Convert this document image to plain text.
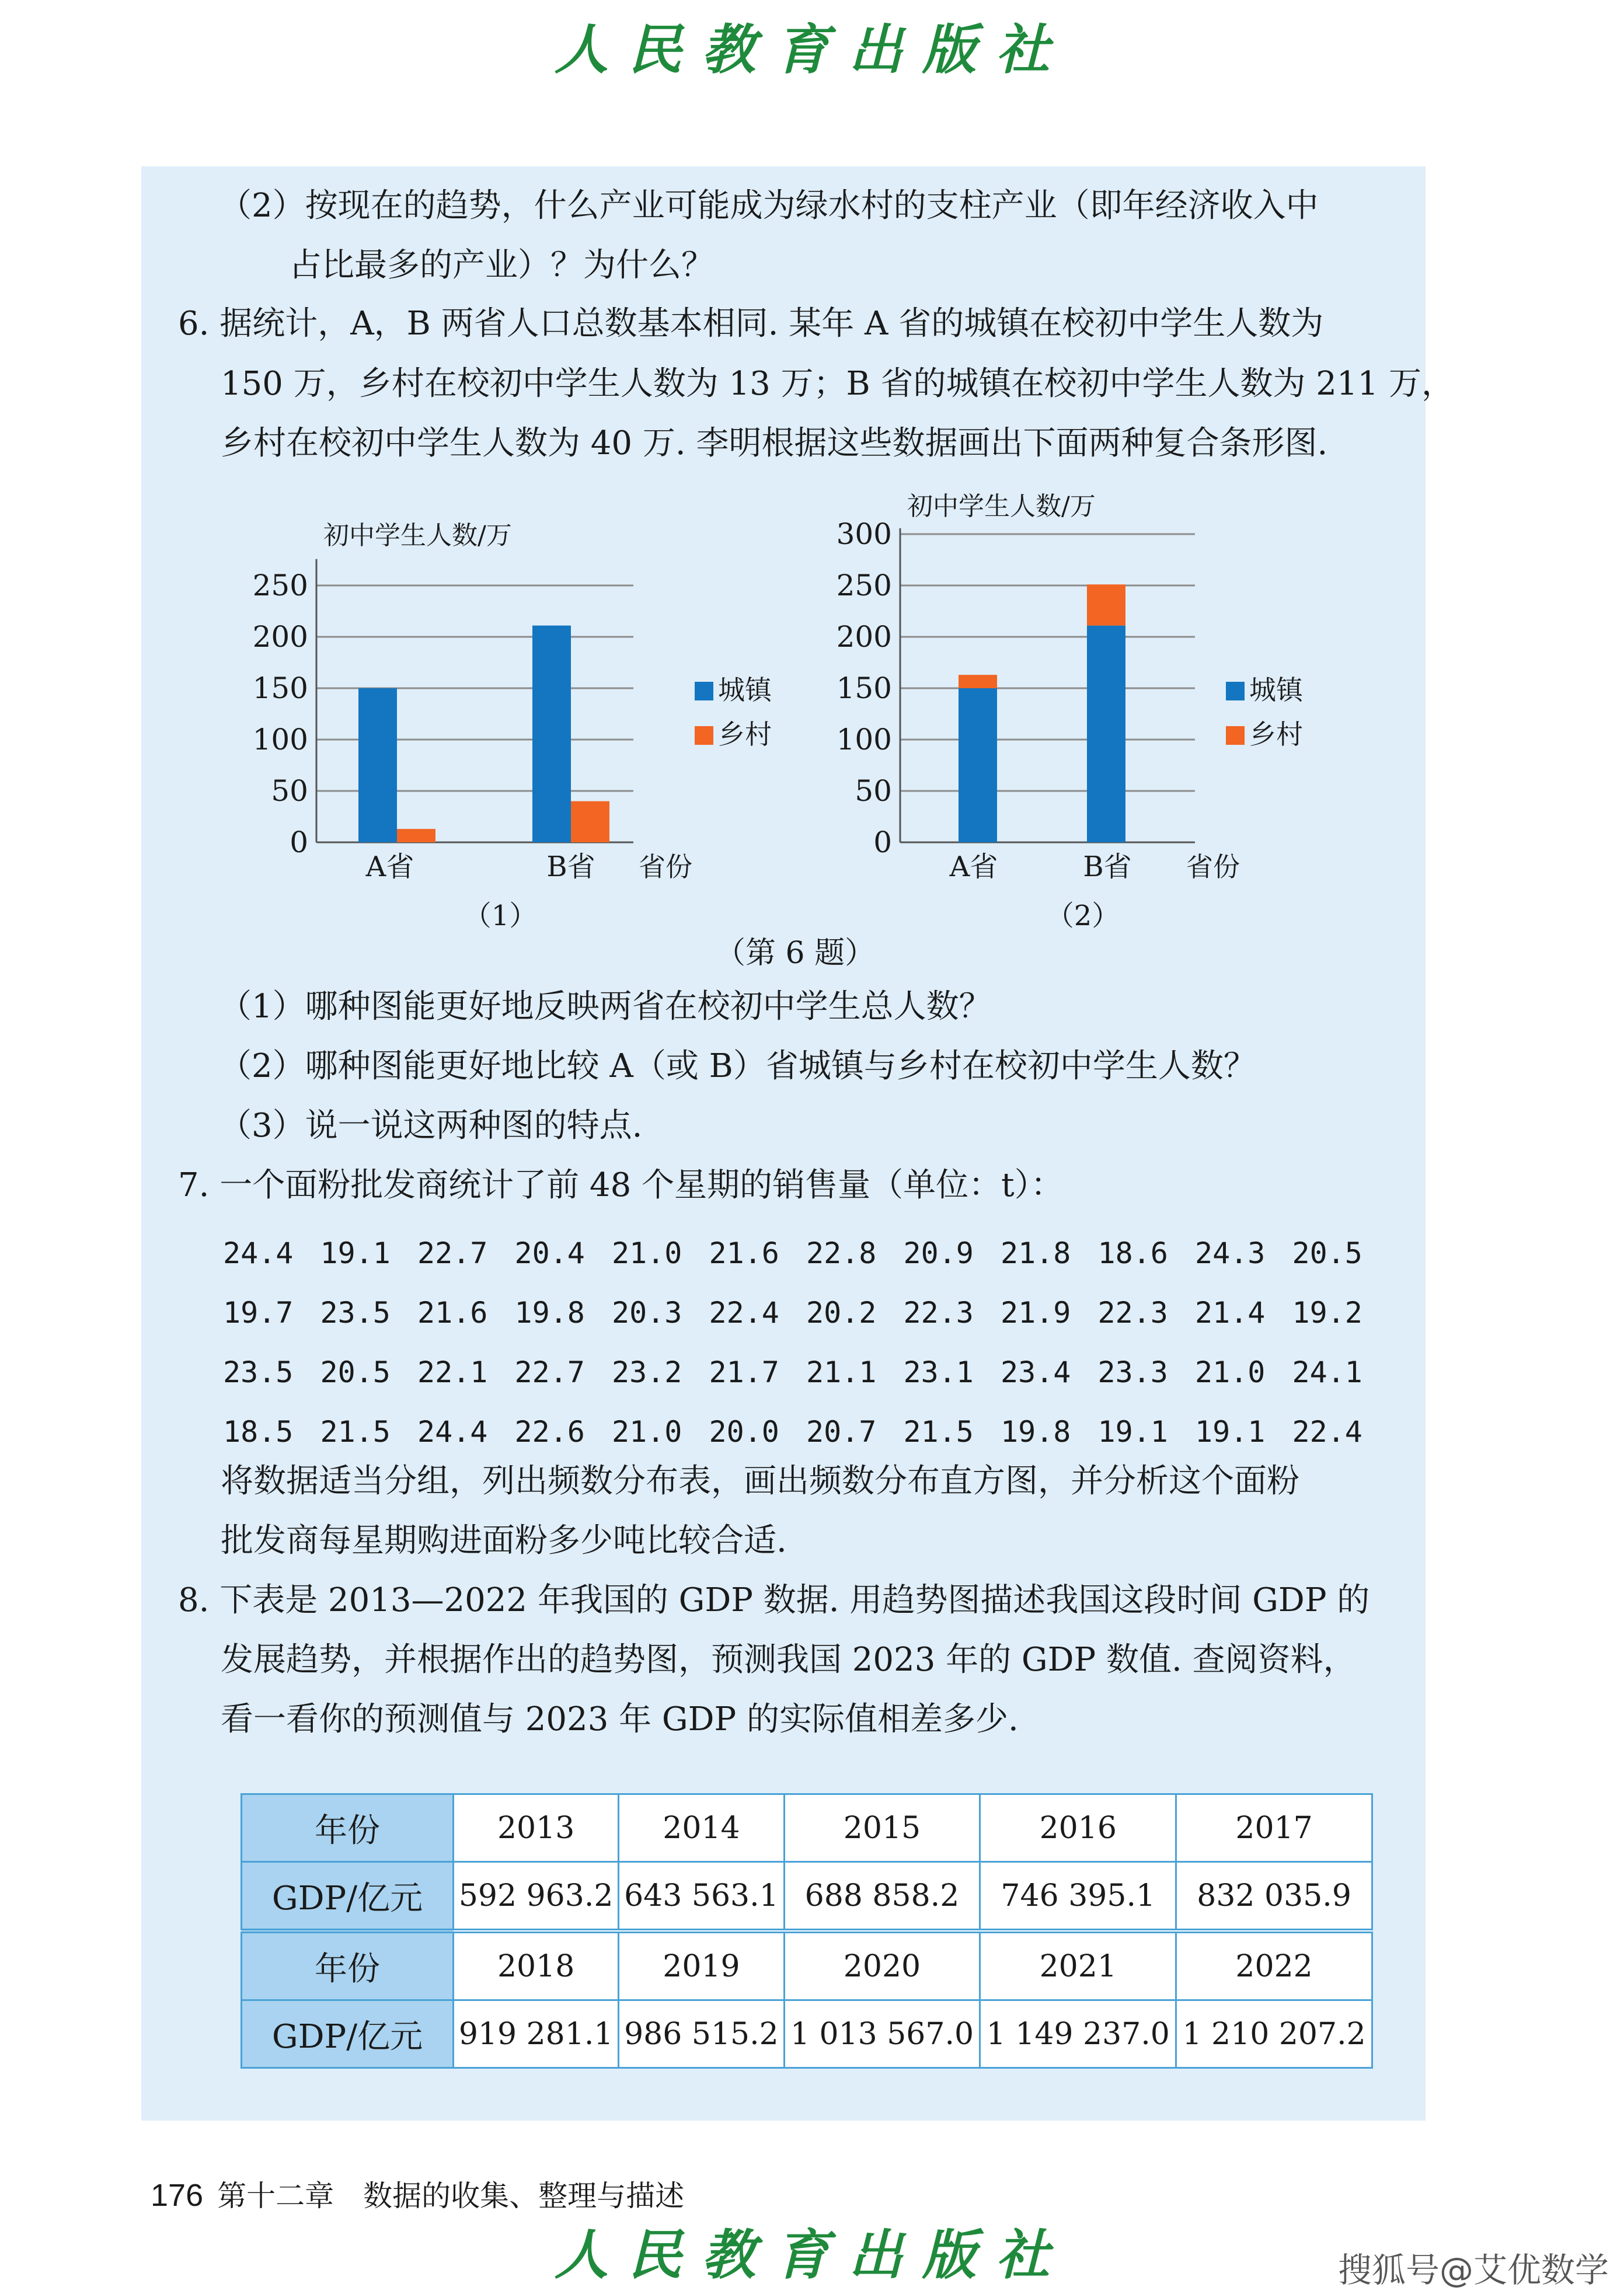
人民教育出版社
（2）按现在的趋势，什么产业可能成为绿水村的支柱产业（即年经济收入中
占比最多的产业）？为什么？
6. 据统计，A，B 两省人口总数基本相同. 某年 A 省的城镇在校初中学生人数为
150 万，乡村在校初中学生人数为 13 万；B 省的城镇在校初中学生人数为 211 万，
乡村在校初中学生人数为 40 万. 李明根据这些数据画出下面两种复合条形图.
0
50
100
150
200
250
初中学生人数/万
A省	B省 省份
城镇
乡村
（1）
0
50
100
150
200
250
300
初中学生人数/万
A省	B省 省份
城镇
乡村
（2）
（第 6 题）
（1）哪种图能更好地反映两省在校初中学生总人数？
（2）哪种图能更好地比较 A（或 B）省城镇与乡村在校初中学生人数？
（3）说一说这两种图的特点.
7. 一个面粉批发商统计了前 48 个星期的销售量（单位：t）：
24.4 19.1 22.7 20.4 21.0 21.6 22.8 20.9 21.8 18.6 24.3 20.5
19.7 23.5 21.6 19.8 20.3 22.4 20.2 22.3 21.9 22.3 21.4 19.2
23.5 20.5 22.1 22.7 23.2 21.7 21.1 23.1 23.4 23.3 21.0 24.1
18.5 21.5 24.4 22.6 21.0 20.0 20.7 21.5 19.8 19.1 19.1 22.4
将数据适当分组，列出频数分布表，画出频数分布直方图，并分析这个面粉
批发商每星期购进面粉多少吨比较合适.
8. 下表是 2013—2022 年我国的 GDP 数据. 用趋势图描述我国这段时间 GDP 的
发展趋势，并根据作出的趋势图，预测我国 2023 年的 GDP 数值. 查阅资料，
看一看你的预测值与 2023 年 GDP 的实际值相差多少.
年份	2013	2014	2015	2016	2017
GDP/亿元	592 963.2	643 563.1	688 858.2	746 395.1	832 035.9
年份	2018	2019	2020	2021	2022
GDP/亿元	919 281.1	986 515.2	1 013 567.0	1 149 237.0	1 210 207.2
176 第十二章　数据的收集、整理与描述
人民教育出版社	搜狐号@艾优数学
